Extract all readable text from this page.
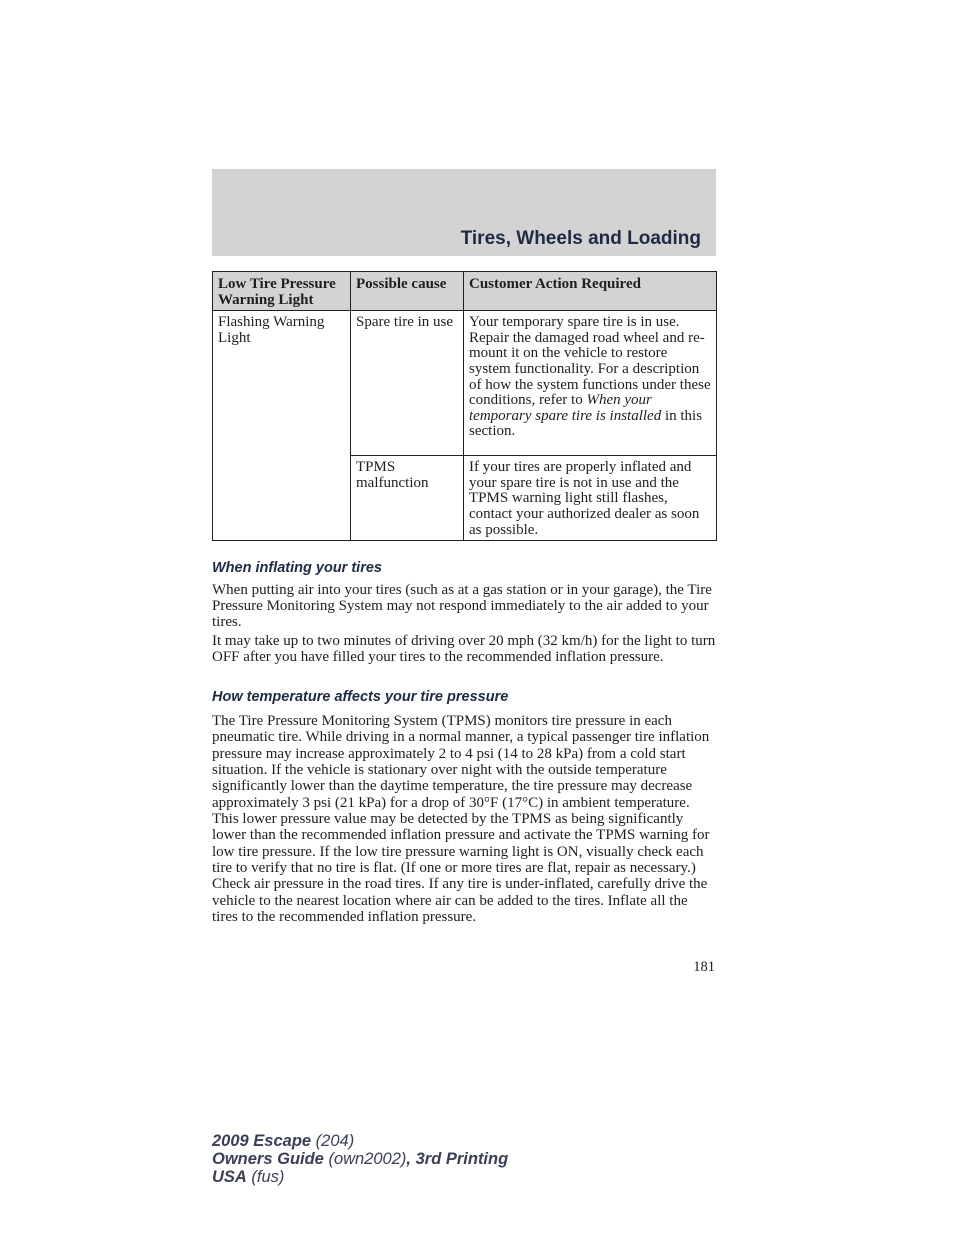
Tires, Wheels and Loading
Low Tire Pressure Warning Light	Possible cause	Customer Action Required
Flashing Warning Light	Spare tire in use	Your temporary spare tire is in use. Repair the damaged road wheel and re-mount it on the vehicle to restore system functionality. For a description of how the system functions under these conditions, refer to When your temporary spare tire is installed in this section.
	TPMS malfunction	If your tires are properly inflated and your spare tire is not in use and the TPMS warning light still flashes, contact your authorized dealer as soon as possible.
When inflating your tires

When putting air into your tires (such as at a gas station or in your garage), the Tire Pressure Monitoring System may not respond immediately to the air added to your tires.

It may take up to two minutes of driving over 20 mph (32 km/h) for the light to turn OFF after you have filled your tires to the recommended inflation pressure.

How temperature affects your tire pressure

The Tire Pressure Monitoring System (TPMS) monitors tire pressure in each pneumatic tire. While driving in a normal manner, a typical passenger tire inflation pressure may increase approximately 2 to 4 psi (14 to 28 kPa) from a cold start situation. If the vehicle is stationary over night with the outside temperature significantly lower than the daytime temperature, the tire pressure may decrease approximately 3 psi (21 kPa) for a drop of 30°F (17°C) in ambient temperature. This lower pressure value may be detected by the TPMS as being significantly lower than the recommended inflation pressure and activate the TPMS warning for low tire pressure. If the low tire pressure warning light is ON, visually check each tire to verify that no tire is flat. (If one or more tires are flat, repair as necessary.) Check air pressure in the road tires. If any tire is under-inflated, carefully drive the vehicle to the nearest location where air can be added to the tires. Inflate all the tires to the recommended inflation pressure.

181
2009 Escape (204)
Owners Guide (own2002), 3rd Printing
USA (fus)
